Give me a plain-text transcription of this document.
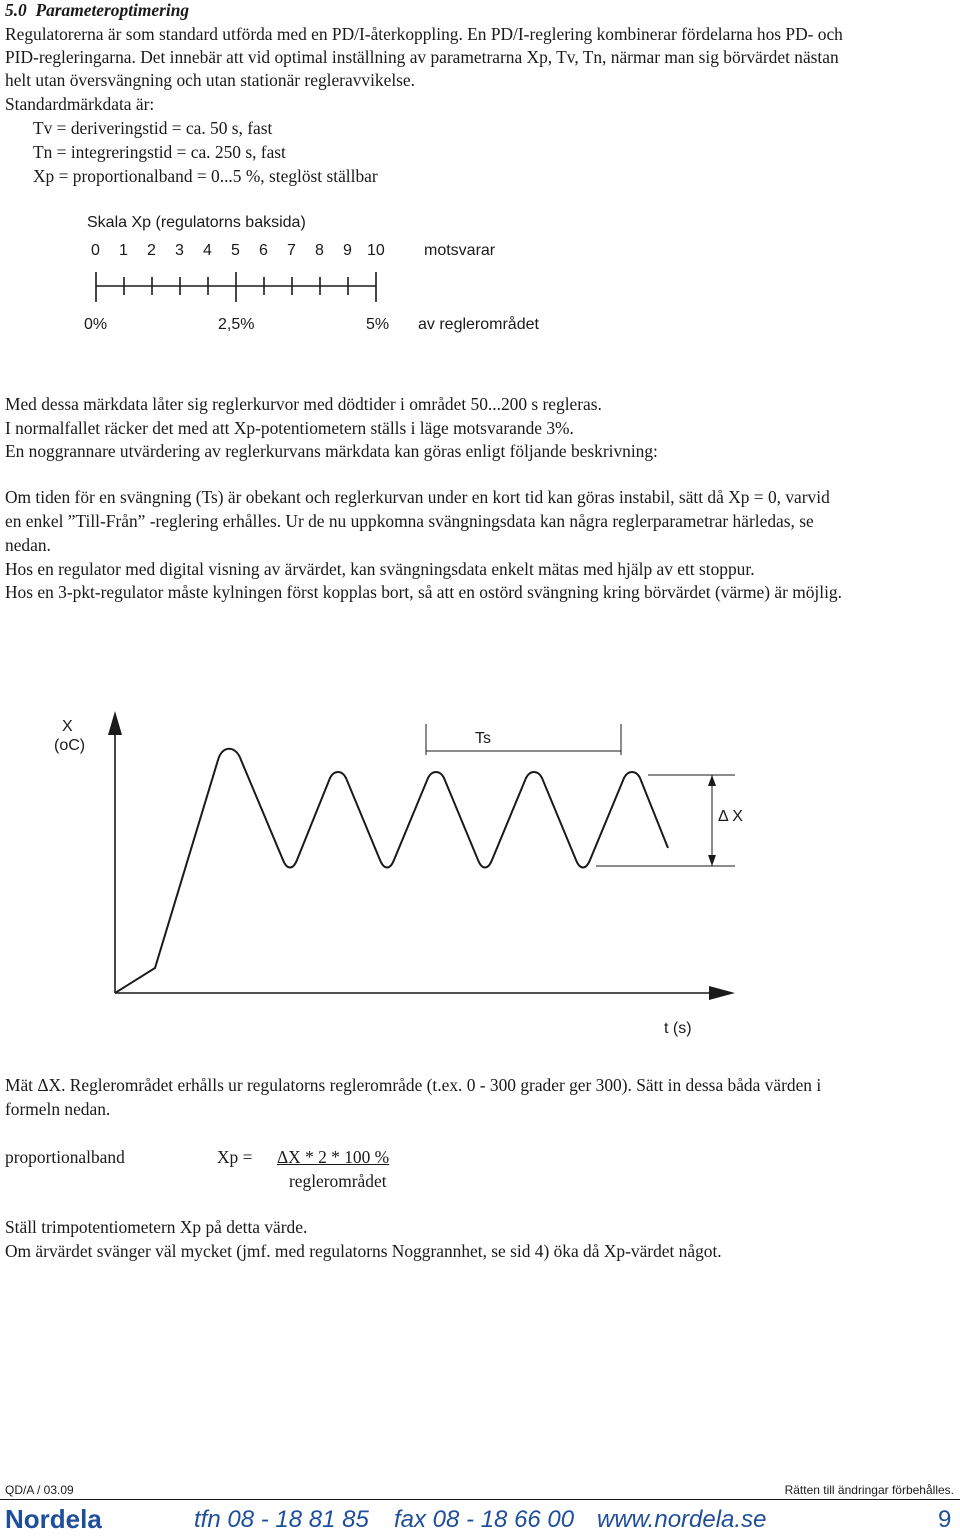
5.0 Parameteroptimering
Regulatorerna är som standard utförda med en PD/I-återkoppling. En PD/I-reglering kombinerar fördelarna hos PD- och
PID-regleringarna. Det innebär att vid optimal inställning av parametrarna Xp, Tv, Tn, närmar man sig börvärdet nästan
helt utan översvängning och utan stationär regleravvikelse.
Standardmärkdata är:
Tv = deriveringstid = ca. 50 s, fast
Tn = integreringstid = ca. 250 s, fast
Xp = proportionalband = 0...5 %, steglöst ställbar
Skala Xp (regulatorns baksida)
0 1 2 3 4 5 6 7 8 9 10 motsvarar
0%	2,5%	5% av reglerområdet
Med dessa märkdata låter sig reglerkurvor med dödtider i området 50...200 s regleras.
I normalfallet räcker det med att Xp-potentiometern ställs i läge motsvarande 3%.
En noggrannare utvärdering av reglerkurvans märkdata kan göras enligt följande beskrivning:
Om tiden för en svängning (Ts) är obekant och reglerkurvan under en kort tid kan göras instabil, sätt då Xp = 0, varvid
en enkel ”Till-Från” -reglering erhålles. Ur de nu uppkomna svängningsdata kan några reglerparametrar härledas, se
nedan.
Hos en regulator med digital visning av ärvärdet, kan svängningsdata enkelt mätas med hjälp av ett stoppur.
Hos en 3-pkt-regulator måste kylningen först kopplas bort, så att en ostörd svängning kring börvärdet (värme) är möjlig.
X
(oC)	Ts
Δ X
t (s)
Mät ΔX. Reglerområdet erhålls ur regulatorns reglerområde (t.ex. 0 - 300 grader ger 300). Sätt in dessa båda värden i
formeln nedan.
proportionalband	Xp = ΔX * 2 * 100 %
reglerområdet
Ställ trimpotentiometern Xp på detta värde.
Om ärvärdet svänger väl mycket (jmf. med regulatorns Noggrannhet, se sid 4) öka då Xp-värdet något.
QD/A / 03.09	Rätten till ändringar förbehålles.
Nordela	tfn 08 - 18 81 85 fax 08 - 18 66 00 www.nordela.se	9
